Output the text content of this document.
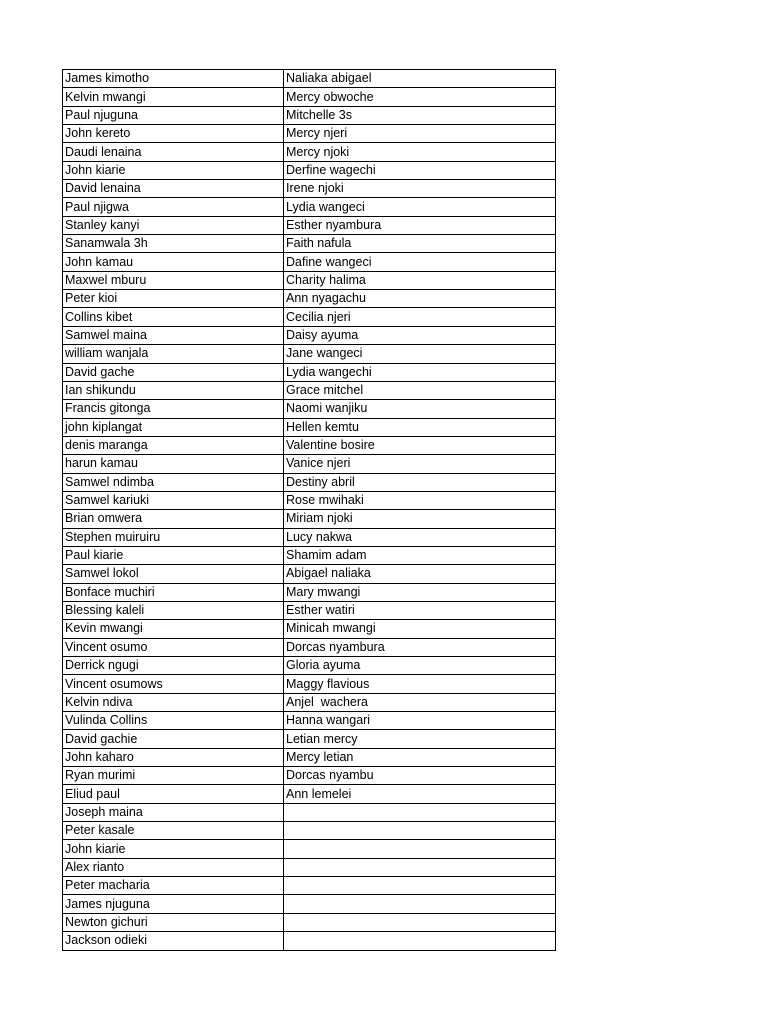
James kimotho	Naliaka abigael
Kelvin mwangi	Mercy obwoche
Paul njuguna	Mitchelle 3s
John kereto	Mercy njeri
Daudi lenaina	Mercy njoki
John kiarie	Derfine wagechi
David lenaina	Irene njoki
Paul njigwa	Lydia wangeci
Stanley kanyi	Esther nyambura
Sanamwala 3h	Faith nafula
John kamau	Dafine wangeci
Maxwel mburu	Charity halima
Peter kioi	Ann nyagachu
Collins kibet	Cecilia njeri
Samwel maina	Daisy ayuma
william wanjala	Jane wangeci
David gache	Lydia wangechi
Ian shikundu	Grace mitchel
Francis gitonga	Naomi wanjiku
john kiplangat	Hellen kemtu
denis maranga	Valentine bosire
harun kamau	Vanice njeri
Samwel ndimba	Destiny abril
Samwel kariuki	Rose mwihaki
Brian omwera	Miriam njoki
Stephen muiruiru	Lucy nakwa
Paul kiarie	Shamim adam
Samwel lokol	Abigael naliaka
Bonface muchiri	Mary mwangi
Blessing kaleli	Esther watiri
Kevin mwangi	Minicah mwangi
Vincent osumo	Dorcas nyambura
Derrick ngugi	Gloria ayuma
Vincent osumows	Maggy flavious
Kelvin ndiva	Anjel  wachera
Vulinda Collins	Hanna wangari
David gachie	Letian mercy
John kaharo	Mercy letian
Ryan murimi	Dorcas nyambu
Eliud paul	Ann lemelei
Joseph maina	
Peter kasale	
John kiarie	
Alex rianto	
Peter macharia	
James njuguna	
Newton gichuri	
Jackson odieki	
